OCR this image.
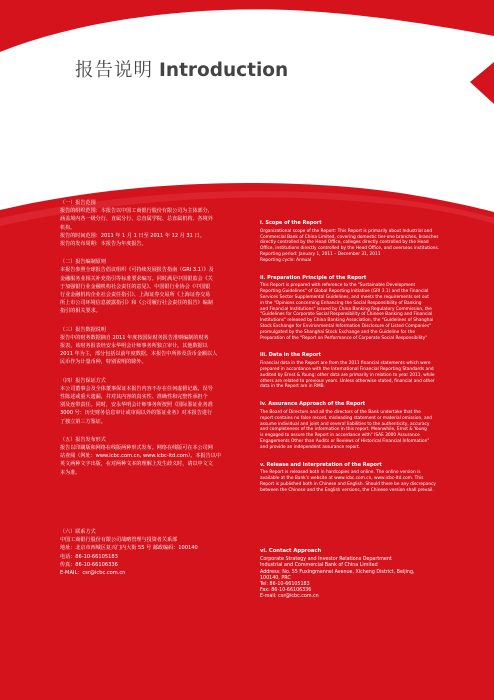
报告说明 Introduction

（一）报告范围

报告的组织范围：本报告以中国工商银行股份有限公司为主体部分,

涵盖境内各一级分行、直属分行、总直属学院、总直属机构、各境外

机构。

报告的时间范围：2011 年 1 月 1 日至 2011 年 12 月 31 日。

报告的发布周期：本报告为年度报告。

（二）报告编制原则

本报告参照全球报告倡议组织《可持续发展报告指南（GRI 3.1）》及

金融服务业相关补充指引等标准要求编写。同时满足中国银监会《关

于加强银行业金融机构社会责任的意见》、中国银行业协会《中国银

行业金融机构企业社会责任指引》、上海证券交易所《上海证券交易

所上市公司环境信息披露指引》和《公司履行社会责任的报告》编制

指引的相关要求。

（三）报告数据说明

报告中的财务数据摘自 2011 年度按国际财务报告准则编制的财务

报表，该财务报表经安永华明会计师事务所独立审计。其他数据以

2011 年为主，部分包括以前年度数据。本报告中所涉及货币金额以人

民币作为计量币种，特别说明的除外。

（四）报告保证方式

本公司董事会及全体董事保证本报告内容不存在任何虚假记载、误导

性陈述或重大遗漏，并对其内容的真实性、准确性和完整性承担个

别及连带责任。同时，安永华明会计师事务所按照《国际鉴证业务准

3000 号：历史财务信息审计或审阅以外的鉴证业务》对本报告进行

了独立第三方鉴证。

（五）报告发布形式

报告以印刷版和网络在线版两种形式发布。网络在线版可在本公司网

站查阅（网址：www.icbc.com.cn, www.icbc-ltd.com）。本报告以中

英文两种文字出版，在对两种文本的理解上发生歧义时，请以中文文

本为准。

（六）联系方式

中国工商银行股份有限公司战略管理与投资者关系部

地址：北京市西城区复兴门内大街 55 号 邮政编码：100140

电话：86-10-66105183

传真：86-10-66106336

E-MAIL：csr@icbc.com.cn

i. Scope of the Report

Organizational scope of the Report: This Report is primarily about Industrial and

Commercial Bank of China Limited, covering domestic tier-one branches, branches

directly controlled by the Head Office, colleges directly controlled by the Head

Office, institutions directly controlled by the Head Office, and overseas institutions.

Reporting period: January 1, 2011 – December 31, 2011

Reporting cycle: Annual

ii. Preparation Principle of the Report

This Report is prepared with reference to the "Sustainable Development

Reporting Guidelines" of Global Reporting Initiative (GRI 3.1) and the Financial

Services Sector Supplemental Guidelines, and meets the requirements set out

in the "Opinions concerning Enhancing the Social Responsibility of Banking

and Financial Institutions" issued by China Banking Regulatory Commission, the

"Guidelines for Corporate Social Responsibility of Chinese Banking and Financial

Institutions" released by China Banking Association, the "Guidelines of Shanghai

Stock Exchange for Environmental Information Disclosure of Listed Companies"

promulgated by the Shanghai Stock Exchange and the Guideline for the

Preparation of the "Report on Performance of Corporate Social Responsibility"

iii. Data in the Report

Financial data in the Report are from the 2011 financial statements which were

prepared in accordance with the International Financial Reporting Standards and

audited by Ernst & Young; other data are primarily in relation to year 2011, while

others are related to previous years. Unless otherwise stated, financial and other

data in the Report are in RMB.

iv. Assurance Approach of the Report

The Board of Directors and all the directors of the Bank undertake that the

report contains no false record, misleading statement or material omission, and

assume individual and joint and several liabilities to the authenticity, accuracy

and completeness of the information in this report. Meanwhile, Ernst & Young

is engaged to assure the Report in accordance with" ISAE 3000 Assurance

Engagements Other than Audits or Reviews of Historical Financial Information"

and provide an independent assurance report.

v. Release and Interpretation of the Report

The Report is released both in hardcopies and online. The online version is

available at the Bank's website at www.icbc.com.cn, www.icbc-ltd.com. This

Report is published both in Chinese and English. Should there be any discrepancy

between the Chinese and the English versions, the Chinese version shall prevail.

vi. Contact Approach

Corporate Strategy and Investor Relations Department

Industrial and Commercial Bank of China Limited

Address: No. 55 Fuxingmennei Avenue, Xicheng District, Beijing,

100140, PRC

Tel: 86-10-66105183

Fax: 86-10-66106336

E-mail: csr@icbc.com.cn
